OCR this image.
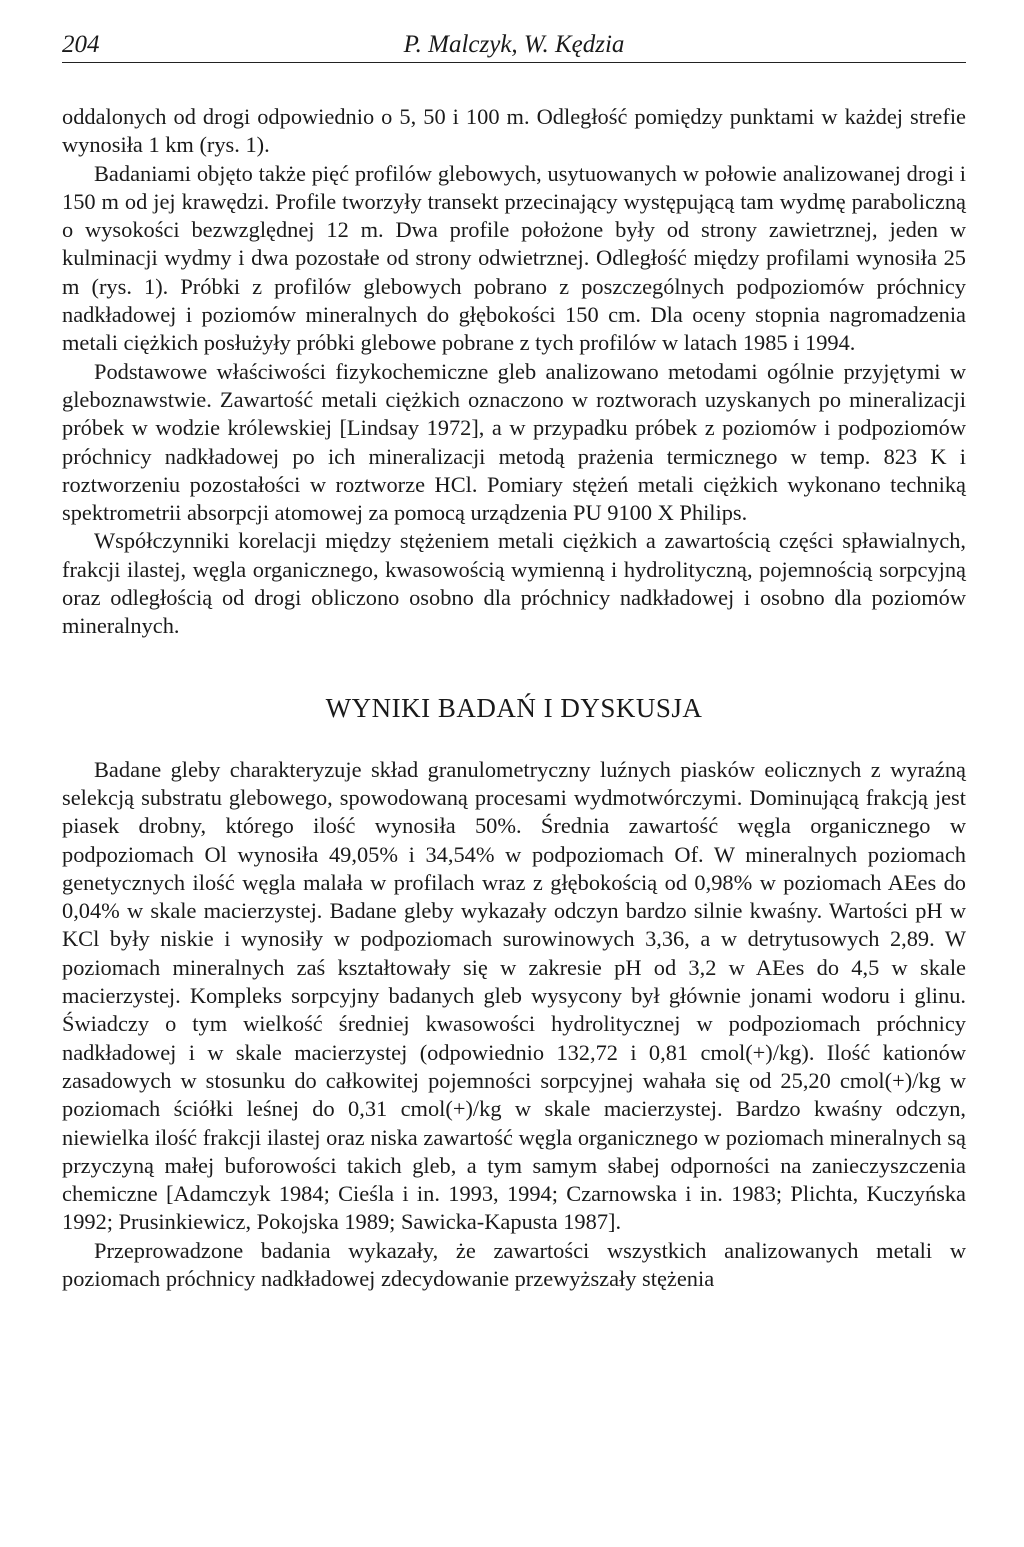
204	P. Malczyk, W. Kędzia

oddalonych od drogi odpowiednio o 5, 50 i 100 m. Odległość pomiędzy punktami w każdej strefie wynosiła 1 km (rys. 1).

Badaniami objęto także pięć profilów glebowych, usytuowanych w połowie analizowanej drogi i 150 m od jej krawędzi. Profile tworzyły transekt przecinający występującą tam wydmę paraboliczną o wysokości bezwzględnej 12 m. Dwa profile położone były od strony zawietrznej, jeden w kulminacji wydmy i dwa pozostałe od strony odwietrznej. Odległość między profilami wynosiła 25 m (rys. 1). Próbki z profilów glebowych pobrano z poszczególnych podpoziomów próchnicy nadkładowej i poziomów mineralnych do głębokości 150 cm. Dla oceny stopnia nagromadzenia metali ciężkich posłużyły próbki glebowe pobrane z tych profilów w latach 1985 i 1994.

Podstawowe właściwości fizykochemiczne gleb analizowano metodami ogólnie przyjętymi w gleboznawstwie. Zawartość metali ciężkich oznaczono w roztworach uzyskanych po mineralizacji próbek w wodzie królewskiej [Lindsay 1972], a w przypadku próbek z poziomów i podpoziomów próchnicy nadkładowej po ich mineralizacji metodą prażenia termicznego w temp. 823 K i roztworzeniu pozostałości w roztworze HCl. Pomiary stężeń metali ciężkich wykonano techniką spektrometrii absorpcji atomowej za pomocą urządzenia PU 9100 X Philips.

Współczynniki korelacji między stężeniem metali ciężkich a zawartością części spławialnych, frakcji ilastej, węgla organicznego, kwasowością wymienną i hydrolityczną, pojemnością sorpcyjną oraz odległością od drogi obliczono osobno dla próchnicy nadkładowej i osobno dla poziomów mineralnych.

WYNIKI BADAŃ I DYSKUSJA

Badane gleby charakteryzuje skład granulometryczny luźnych piasków eolicznych z wyraźną selekcją substratu glebowego, spowodowaną procesami wydmotwórczymi. Dominującą frakcją jest piasek drobny, którego ilość wynosiła 50%. Średnia zawartość węgla organicznego w podpoziomach Ol wynosiła 49,05% i 34,54% w podpoziomach Of. W mineralnych poziomach genetycznych ilość węgla malała w profilach wraz z głębokością od 0,98% w poziomach AEes do 0,04% w skale macierzystej. Badane gleby wykazały odczyn bardzo silnie kwaśny. Wartości pH w KCl były niskie i wynosiły w podpoziomach surowinowych 3,36, a w detrytusowych 2,89. W poziomach mineralnych zaś kształtowały się w zakresie pH od 3,2 w AEes do 4,5 w skale macierzystej. Kompleks sorpcyjny badanych gleb wysycony był głównie jonami wodoru i glinu. Świadczy o tym wielkość średniej kwasowości hydrolitycznej w podpoziomach próchnicy nadkładowej i w skale macierzystej (odpowiednio 132,72 i 0,81 cmol(+)/kg). Ilość kationów zasadowych w stosunku do całkowitej pojemności sorpcyjnej wahała się od 25,20 cmol(+)/kg w poziomach ściółki leśnej do 0,31 cmol(+)/kg w skale macierzystej. Bardzo kwaśny odczyn, niewielka ilość frakcji ilastej oraz niska zawartość węgla organicznego w poziomach mineralnych są przyczyną małej buforowości takich gleb, a tym samym słabej odporności na zanieczyszczenia chemiczne [Adamczyk 1984; Cieśla i in. 1993, 1994; Czarnowska i in. 1983; Plichta, Kuczyńska 1992; Prusinkiewicz, Pokojska 1989; Sawicka-Kapusta 1987].

Przeprowadzone badania wykazały, że zawartości wszystkich analizowanych metali w poziomach próchnicy nadkładowej zdecydowanie przewyższały stężenia
